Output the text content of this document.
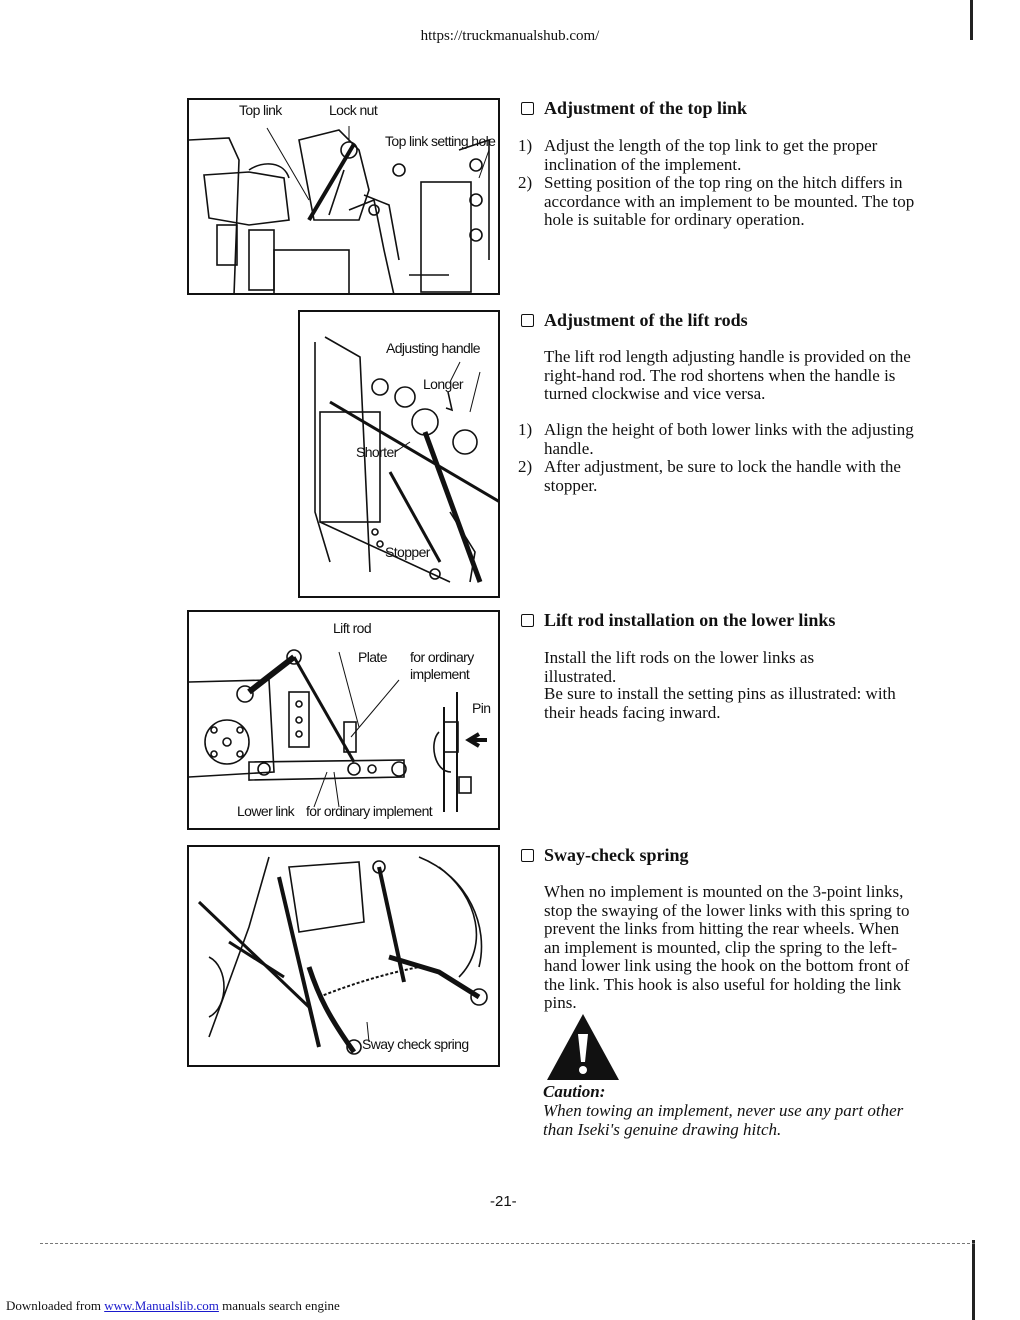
https://truckmanualshub.com/
Top link	Lock nut
Top link setting hole
Adjusting handle
Longer
Shorter
Stopper
Lift rod
Plate for ordinary
implement
Pin
Lower link for ordinary implement
Sway check spring
Adjustment of the top link
1) Adjust the length of the top link to get the proper inclination of the implement.
2) Setting position of the top ring on the hitch differs in accordance with an implement to be mounted. The top hole is suitable for ordinary operation.
Adjustment of the lift rods
The lift rod length adjusting handle is provided on the right-hand rod. The rod shortens when the handle is turned clockwise and vice versa.
1) Align the height of both lower links with the adjusting handle.
2) After adjustment, be sure to lock the handle with the stopper.
Lift rod installation on the lower links
Install the lift rods on the lower links as illustrated.
Be sure to install the setting pins as illustrated: with their heads facing inward.
Sway-check spring
When no implement is mounted on the 3-point links, stop the swaying of the lower links with this spring to prevent the links from hitting the rear wheels. When an implement is mounted, clip the spring to the left-hand lower link using the hook on the bottom front of the link. This hook is also useful for holding the link pins.
Caution:
When towing an implement, never use any part other than Iseki's genuine drawing hitch.
-21-
Downloaded from www.Manualslib.com manuals search engine
